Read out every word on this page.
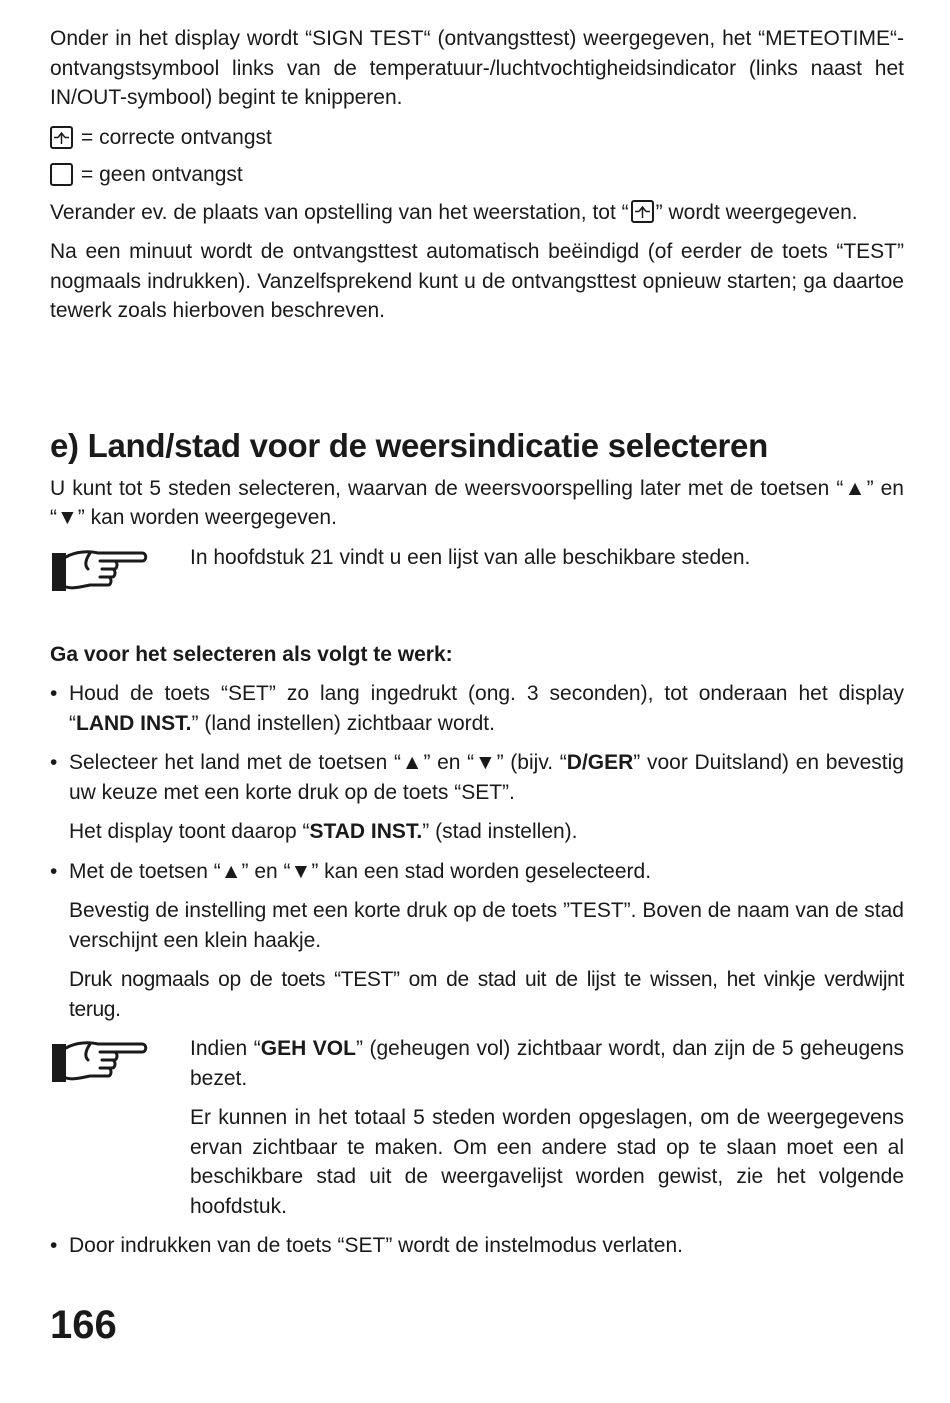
Onder in het display wordt “SIGN TEST“ (ontvangsttest) weergegeven, het “METEOTIME“-ontvangstsymbool links van de temperatuur-/luchtvochtigheidsindicator (links naast het IN/OUT-symbool) begint te knipperen.

= correcte ontvangst
= geen ontvangst

Verander ev. de plaats van opstelling van het weerstation, tot “ ” wordt weergegeven.

Na een minuut wordt de ontvangsttest automatisch beëindigd (of eerder de toets “TEST” nogmaals indrukken). Vanzelfsprekend kunt u de ontvangsttest opnieuw starten; ga daartoe tewerk zoals hierboven beschreven.

e) Land/stad voor de weersindicatie selecteren

U kunt tot 5 steden selecteren, waarvan de weersvoorspelling later met de toetsen “▲” en “▼” kan worden weergegeven.

In hoofdstuk 21 vindt u een lijst van alle beschikbare steden.

Ga voor het selecteren als volgt te werk:

• Houd de toets “SET” zo lang ingedrukt (ong. 3 seconden), tot onderaan het display “LAND INST.” (land instellen) zichtbaar wordt.

• Selecteer het land met de toetsen “▲” en “▼” (bijv. “D/GER” voor Duitsland) en bevestig uw keuze met een korte druk op de toets “SET”.

Het display toont daarop “STAD INST.” (stad instellen).

• Met de toetsen “▲” en “▼” kan een stad worden geselecteerd.

Bevestig de instelling met een korte druk op de toets ”TEST”. Boven de naam van de stad verschijnt een klein haakje.

Druk nogmaals op de toets “TEST” om de stad uit de lijst te wissen, het vinkje verdwijnt terug.

Indien “GEH VOL” (geheugen vol) zichtbaar wordt, dan zijn de 5 geheugens bezet.

Er kunnen in het totaal 5 steden worden opgeslagen, om de weergegevens ervan zichtbaar te maken. Om een andere stad op te slaan moet een al beschikbare stad uit de weergavelijst worden gewist, zie het volgende hoofdstuk.

• Door indrukken van de toets “SET” wordt de instelmodus verlaten.

166
